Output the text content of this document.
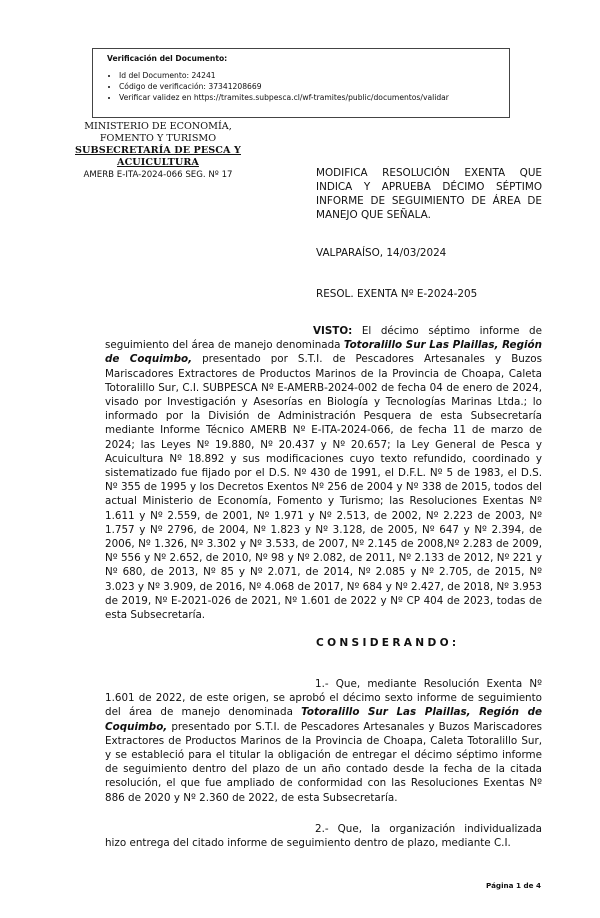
Verificación del Documento:
• Id del Documento: 24241
• Código de verificación: 37341208669
• Verificar validez en https://tramites.subpesca.cl/wf-tramites/public/documentos/validar
MINISTERIO DE ECONOMÍA,
FOMENTO Y TURISMO
SUBSECRETARÍA DE PESCA Y ACUICULTURA
AMERB E-ITA-2024-066 SEG. Nº 17	MODIFICA RESOLUCIÓN EXENTA QUE INDICA Y APRUEBA DÉCIMO SÉPTIMO INFORME DE SEGUIMIENTO DE ÁREA DE MANEJO QUE SEÑALA.
VALPARAÍSO, 14/03/2024
RESOL. EXENTA Nº E-2024-205

VISTO: El décimo séptimo informe de seguimiento del área de manejo denominada Totoralillo Sur Las Plaillas, Región de Coquimbo, presentado por S.T.I. de Pescadores Artesanales y Buzos Mariscadores Extractores de Productos Marinos de la Provincia de Choapa, Caleta Totoralillo Sur, C.I. SUBPESCA Nº E-AMERB-2024-002 de fecha 04 de enero de 2024, visado por Investigación y Asesorías en Biología y Tecnologías Marinas Ltda.; lo informado por la División de Administración Pesquera de esta Subsecretaría mediante Informe Técnico AMERB Nº E-ITA-2024-066, de fecha 11 de marzo de 2024; las Leyes Nº 19.880, Nº 20.437 y Nº 20.657; la Ley General de Pesca y Acuicultura Nº 18.892 y sus modificaciones cuyo texto refundido, coordinado y sistematizado fue fijado por el D.S. Nº 430 de 1991, el D.F.L. Nº 5 de 1983, el D.S. Nº 355 de 1995 y los Decretos Exentos Nº 256 de 2004 y Nº 338 de 2015, todos del actual Ministerio de Economía, Fomento y Turismo; las Resoluciones Exentas Nº 1.611 y Nº 2.559, de 2001, Nº 1.971 y Nº 2.513, de 2002, Nº 2.223 de 2003, Nº 1.757 y Nº 2796, de 2004, Nº 1.823 y Nº 3.128, de 2005, Nº 647 y Nº 2.394, de 2006, Nº 1.326, Nº 3.302 y Nº 3.533, de 2007, Nº 2.145 de 2008,Nº 2.283 de 2009, Nº 556 y Nº 2.652, de 2010, Nº 98 y Nº 2.082, de 2011, Nº 2.133 de 2012, Nº 221 y Nº 680, de 2013, Nº 85 y Nº 2.071, de 2014, Nº 2.085 y Nº 2.705, de 2015, Nº 3.023 y Nº 3.909, de 2016, Nº 4.068 de 2017, Nº 684 y Nº 2.427, de 2018, Nº 3.953 de 2019, Nº E-2021-026 de 2021, Nº 1.601 de 2022 y Nº CP 404 de 2023, todas de esta Subsecretaría.

CONSIDERANDO:

1.- Que, mediante Resolución Exenta Nº 1.601 de 2022, de este origen, se aprobó el décimo sexto informe de seguimiento del área de manejo denominada Totoralillo Sur Las Plaillas, Región de Coquimbo, presentado por S.T.I. de Pescadores Artesanales y Buzos Mariscadores Extractores de Productos Marinos de la Provincia de Choapa, Caleta Totoralillo Sur, y se estableció para el titular la obligación de entregar el décimo séptimo informe de seguimiento dentro del plazo de un año contado desde la fecha de la citada resolución, el que fue ampliado de conformidad con las Resoluciones Exentas Nº 886 de 2020 y Nº 2.360 de 2022, de esta Subsecretaría.

2.- Que, la organización individualizada hizo entrega del citado informe de seguimiento dentro de plazo, mediante C.I.

Página 1 de 4
